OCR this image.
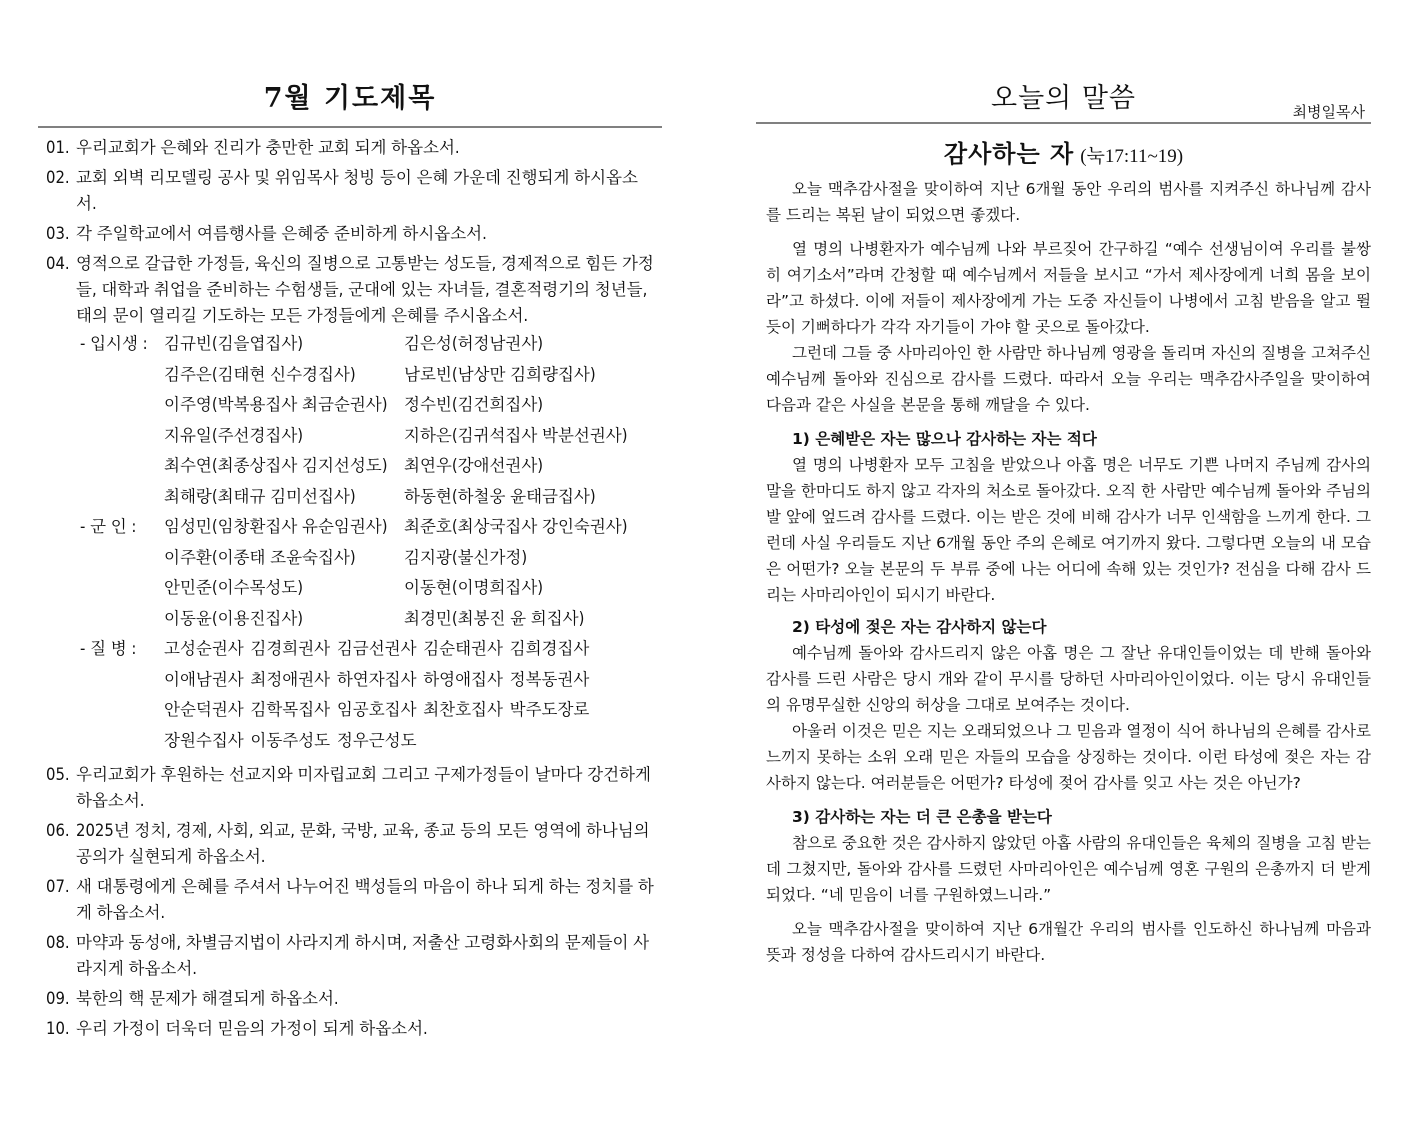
7월 기도제목
01. 우리교회가 은혜와 진리가 충만한 교회 되게 하옵소서.
02. 교회 외벽 리모델링 공사 및 위임목사 청빙 등이 은혜 가운데 진행되게 하시옵소서.
03. 각 주일학교에서 여름행사를 은혜중 준비하게 하시옵소서.
04. 영적으로 갈급한 가정들, 육신의 질병으로 고통받는 성도들, 경제적으로 힘든 가정들, 대학과 취업을 준비하는 수험생들, 군대에 있는 자녀들, 결혼적령기의 청년들, 태의 문이 열리길 기도하는 모든 가정들에게 은혜를 주시옵소서.
- 입시생 : 김규빈(김을엽집사)	김은성(허정남권사)
김주은(김태현 신수경집사)	남로빈(남상만 김희량집사)
이주영(박복용집사 최금순권사) 정수빈(김건희집사)
지유일(주선경집사)	지하은(김귀석집사 박분선권사)
최수연(최종상집사 김지선성도) 최연우(강애선권사)
최해랑(최태규 김미선집사)	하동현(하철웅 윤태금집사)
- 군 인 :	임성민(임창환집사 유순임권사) 최준호(최상국집사 강인숙권사)
이주환(이종태 조윤숙집사)	김지광(불신가정)
안민준(이수목성도)	이동현(이명희집사)
이동윤(이용진집사)	최경민(최봉진 윤 희집사)
- 질 병 :	고성순권사 김경희권사 김금선권사 김순태권사 김희경집사
이애남권사 최정애권사 하연자집사 하영애집사 정복동권사
안순덕권사 김학목집사 임공호집사 최찬호집사 박주도장로
장원수집사 이동주성도 정우근성도
05. 우리교회가 후원하는 선교지와 미자립교회 그리고 구제가정들이 날마다 강건하게 하옵소서.
06. 2025년 정치, 경제, 사회, 외교, 문화, 국방, 교육, 종교 등의 모든 영역에 하나님의 공의가 실현되게 하옵소서.
07. 새 대통령에게 은혜를 주셔서 나누어진 백성들의 마음이 하나 되게 하는 정치를 하게 하옵소서.
08. 마약과 동성애, 차별금지법이 사라지게 하시며, 저출산 고령화사회의 문제들이 사라지게 하옵소서.
09. 북한의 핵 문제가 해결되게 하옵소서.
10. 우리 가정이 더욱더 믿음의 가정이 되게 하옵소서.
오늘의 말씀	최병일목사
감사하는 자 (눅17:11~19)

오늘 맥추감사절을 맞이하여 지난 6개월 동안 우리의 범사를 지켜주신 하나님께 감사를 드리는 복된 날이 되었으면 좋겠다.

열 명의 나병환자가 예수님께 나와 부르짖어 간구하길 “예수 선생님이여 우리를 불쌍히 여기소서”라며 간청할 때 예수님께서 저들을 보시고 “가서 제사장에게 너희 몸을 보이라”고 하셨다. 이에 저들이 제사장에게 가는 도중 자신들이 나병에서 고침 받음을 알고 뛸 듯이 기뻐하다가 각각 자기들이 가야 할 곳으로 돌아갔다.

그런데 그들 중 사마리아인 한 사람만 하나님께 영광을 돌리며 자신의 질병을 고쳐주신 예수님께 돌아와 진심으로 감사를 드렸다. 따라서 오늘 우리는 맥추감사주일을 맞이하여 다음과 같은 사실을 본문을 통해 깨달을 수 있다.

1) 은혜받은 자는 많으나 감사하는 자는 적다

열 명의 나병환자 모두 고침을 받았으나 아홉 명은 너무도 기쁜 나머지 주님께 감사의 말을 한마디도 하지 않고 각자의 처소로 돌아갔다. 오직 한 사람만 예수님께 돌아와 주님의 발 앞에 엎드려 감사를 드렸다. 이는 받은 것에 비해 감사가 너무 인색함을 느끼게 한다. 그런데 사실 우리들도 지난 6개월 동안 주의 은혜로 여기까지 왔다. 그렇다면 오늘의 내 모습은 어떤가? 오늘 본문의 두 부류 중에 나는 어디에 속해 있는 것인가? 전심을 다해 감사 드리는 사마리아인이 되시기 바란다.

2) 타성에 젖은 자는 감사하지 않는다

예수님께 돌아와 감사드리지 않은 아홉 명은 그 잘난 유대인들이었는 데 반해 돌아와 감사를 드린 사람은 당시 개와 같이 무시를 당하던 사마리아인이었다. 이는 당시 유대인들의 유명무실한 신앙의 허상을 그대로 보여주는 것이다.

아울러 이것은 믿은 지는 오래되었으나 그 믿음과 열정이 식어 하나님의 은혜를 감사로 느끼지 못하는 소위 오래 믿은 자들의 모습을 상징하는 것이다. 이런 타성에 젖은 자는 감사하지 않는다. 여러분들은 어떤가? 타성에 젖어 감사를 잊고 사는 것은 아닌가?

3) 감사하는 자는 더 큰 은총을 받는다

참으로 중요한 것은 감사하지 않았던 아홉 사람의 유대인들은 육체의 질병을 고침 받는 데 그쳤지만, 돌아와 감사를 드렸던 사마리아인은 예수님께 영혼 구원의 은총까지 더 받게 되었다. “네 믿음이 너를 구원하였느니라.”

오늘 맥추감사절을 맞이하여 지난 6개월간 우리의 범사를 인도하신 하나님께 마음과 뜻과 정성을 다하여 감사드리시기 바란다.
